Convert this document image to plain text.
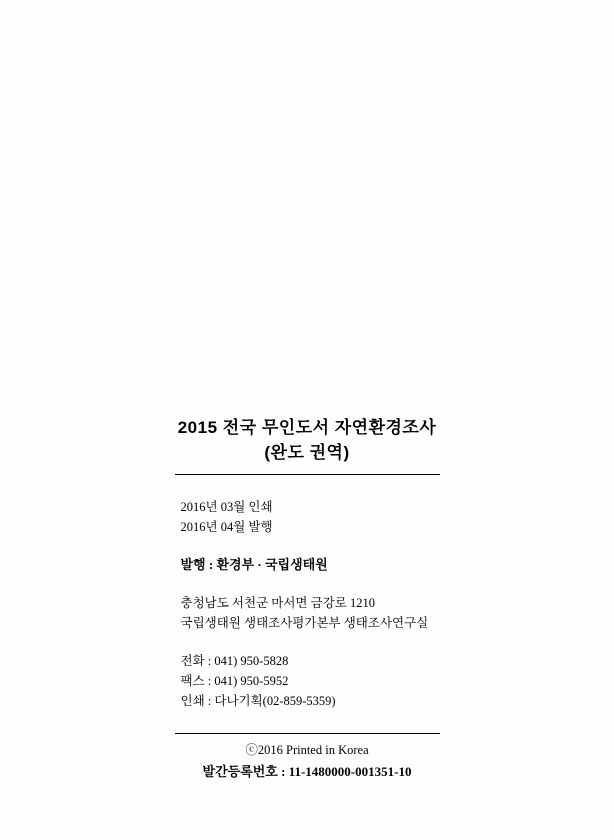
2015 전국 무인도서 자연환경조사
(완도 권역)
2016년 03월 인쇄
2016년 04월 발행
발행 : 환경부 · 국립생태원
충청남도 서천군 마서면 금강로 1210
국립생태원 생태조사평가본부 생태조사연구실
전화 : 041) 950-5828
팩스 : 041) 950-5952
인쇄 : 다나기획(02-859-5359)
ⓒ2016 Printed in Korea
발간등록번호 : 11-1480000-001351-10
